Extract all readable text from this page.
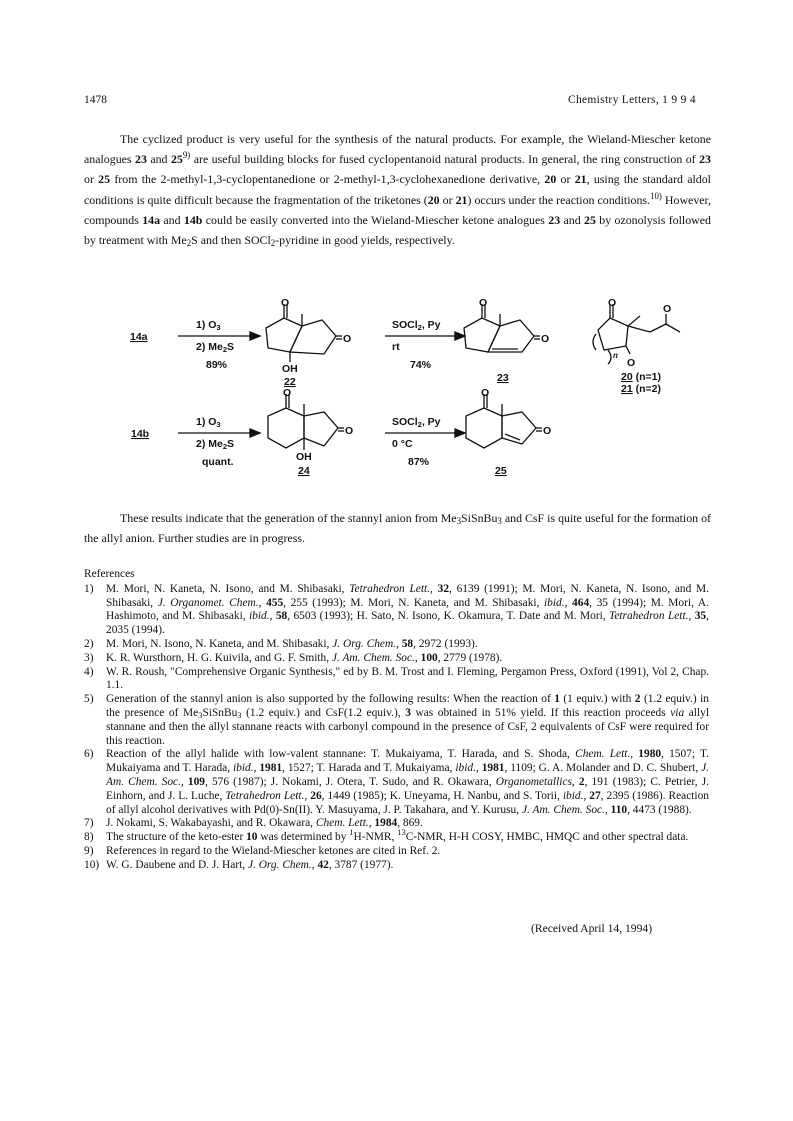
1478	Chemistry Letters, 1 9 9 4

The cyclized product is very useful for the synthesis of the natural products. For example, the Wieland-Miescher ketone analogues 23 and 25$^{9)}$ are useful building blocks for fused cyclopentanoid natural products. In general, the ring construction of 23 or 25 from the 2-methyl-1,3-cyclopentanedione or 2-methyl-1,3-cyclohexanedione derivative, 20 or 21, using the standard aldol conditions is quite difficult because the fragmentation of the triketones (20 or 21) occurs under the reaction conditions.$^{10)}$ However, compounds 14a and 14b could be easily converted into the Wieland-Miescher ketone analogues 23 and 25 by ozonolysis followed by treatment with $Me_2S$ and then SOCl$_2$-pyridine in good yields, respectively.

14a
1) O3
2) Me2S
89%
O
O
OH
22
SOCl2, Py
rt
74%
O
O
23
O
O
O
n
20 (n=1)
21 (n=2)
14b
1) O3
2) Me2S
quant.
O
O
OH
24
SOCl2, Py
0 °C
87%
O
O
25

These results indicate that the generation of the stannyl anion from $Me_3SiSnBu_3$ and CsF is quite useful for the formation of the allyl anion. Further studies are in progress.

References
1) M. Mori, N. Kaneta, N. Isono, and M. Shibasaki, Tetrahedron Lett., 32, 6139 (1991); M. Mori, N. Kaneta, N. Isono, and M. Shibasaki, J. Organomet. Chem., 455, 255 (1993); M. Mori, N. Kaneta, and M. Shibasaki, ibid., 464, 35 (1994); M. Mori, A. Hashimoto, and M. Shibasaki, ibid., 58, 6503 (1993); H. Sato, N. Isono, K. Okamura, T. Date and M. Mori, Tetrahedron Lett., 35, 2035 (1994).
2) M. Mori, N. Isono, N. Kaneta, and M. Shibasaki, J. Org. Chem., 58, 2972 (1993).
3) K. R. Wursthorn, H. G. Kuivila, and G. F. Smith, J. Am. Chem. Soc., 100, 2779 (1978).
4) W. R. Roush, "Comprehensive Organic Synthesis," ed by B. M. Trost and I. Fleming, Pergamon Press, Oxford (1991), Vol 2, Chap. 1.1.
5) Generation of the stannyl anion is also supported by the following results: When the reaction of 1 (1 equiv.) with 2 (1.2 equiv.) in the presence of $Me_3SiSnBu_3$ (1.2 equiv.) and CsF(1.2 equiv.), 3 was obtained in 51% yield. If this reaction proceeds via allyl stannane and then the allyl stannane reacts with carbonyl compound in the presence of CsF, 2 equivalents of CsF were required for this reaction.
6) Reaction of the allyl halide with low-valent stannane: T. Mukaiyama, T. Harada, and S. Shoda, Chem. Lett., 1980, 1507; T. Mukaiyama and T. Harada, ibid., 1981, 1527; T. Harada and T. Mukaiyama, ibid., 1981, 1109; G. A. Molander and D. C. Shubert, J. Am. Chem. Soc., 109, 576 (1987); J. Nokami, J. Otera, T. Sudo, and R. Okawara, Organometallics, 2, 191 (1983); C. Petrier, J. Einhorn, and J. L. Luche, Tetrahedron Lett., 26, 1449 (1985); K. Uneyama, H. Nanbu, and S. Torii, ibid., 27, 2395 (1986). Reaction of allyl alcohol derivatives with Pd(0)-Sn(II). Y. Masuyama, J. P. Takahara, and Y. Kurusu, J. Am. Chem. Soc., 110, 4473 (1988).
7) J. Nokami, S. Wakabayashi, and R. Okawara, Chem. Lett., 1984, 869.
8) The structure of the keto-ester 10 was determined by $^1$H-NMR, $^{13}$C-NMR, H-H COSY, HMBC, HMQC and other spectral data.
9) References in regard to the Wieland-Miescher ketones are cited in Ref. 2.
10) W. G. Daubene and D. J. Hart, J. Org. Chem., 42, 3787 (1977).
(Received April 14, 1994)
